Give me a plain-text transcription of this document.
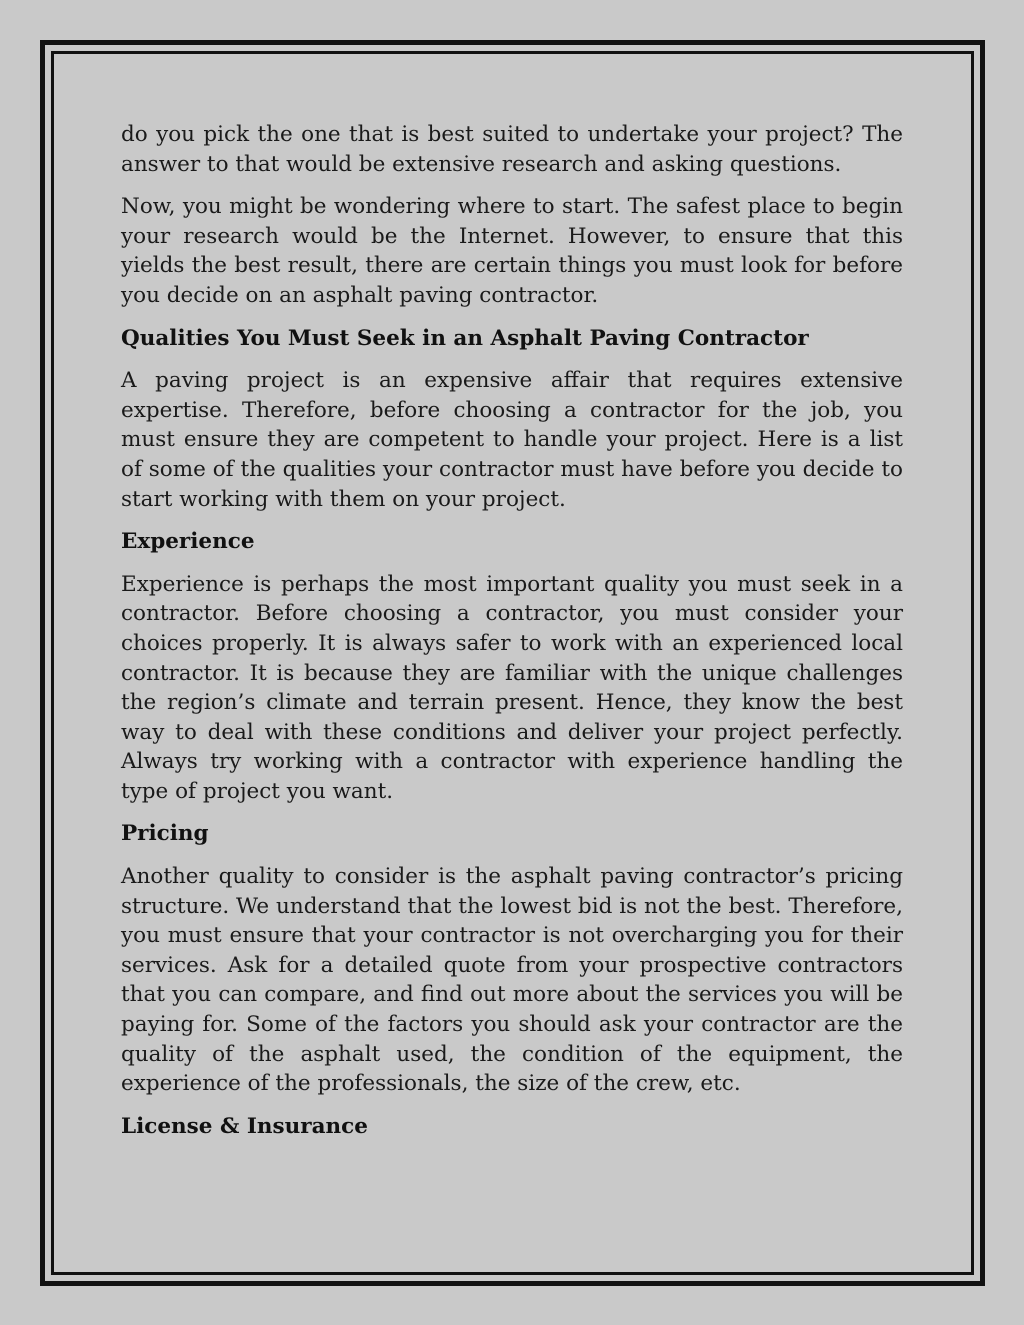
do you pick the one that is best suited to undertake your project? The answer to that would be extensive research and asking questions.

Now, you might be wondering where to start. The safest place to begin your research would be the Internet. However, to ensure that this yields the best result, there are certain things you must look for before you decide on an asphalt paving contractor.

Qualities You Must Seek in an Asphalt Paving Contractor

A paving project is an expensive affair that requires extensive expertise. Therefore, before choosing a contractor for the job, you must ensure they are competent to handle your project. Here is a list of some of the qualities your contractor must have before you decide to start working with them on your project.

Experience

Experience is perhaps the most important quality you must seek in a contractor. Before choosing a contractor, you must consider your choices properly. It is always safer to work with an experienced local contractor. It is because they are familiar with the unique challenges the region’s climate and terrain present. Hence, they know the best way to deal with these conditions and deliver your project perfectly. Always try working with a contractor with experience handling the type of project you want.

Pricing

Another quality to consider is the asphalt paving contractor’s pricing structure. We understand that the lowest bid is not the best. Therefore, you must ensure that your contractor is not overcharging you for their services. Ask for a detailed quote from your prospective contractors that you can compare, and find out more about the services you will be paying for. Some of the factors you should ask your contractor are the quality of the asphalt used, the condition of the equipment, the experience of the professionals, the size of the crew, etc.

License & Insurance
